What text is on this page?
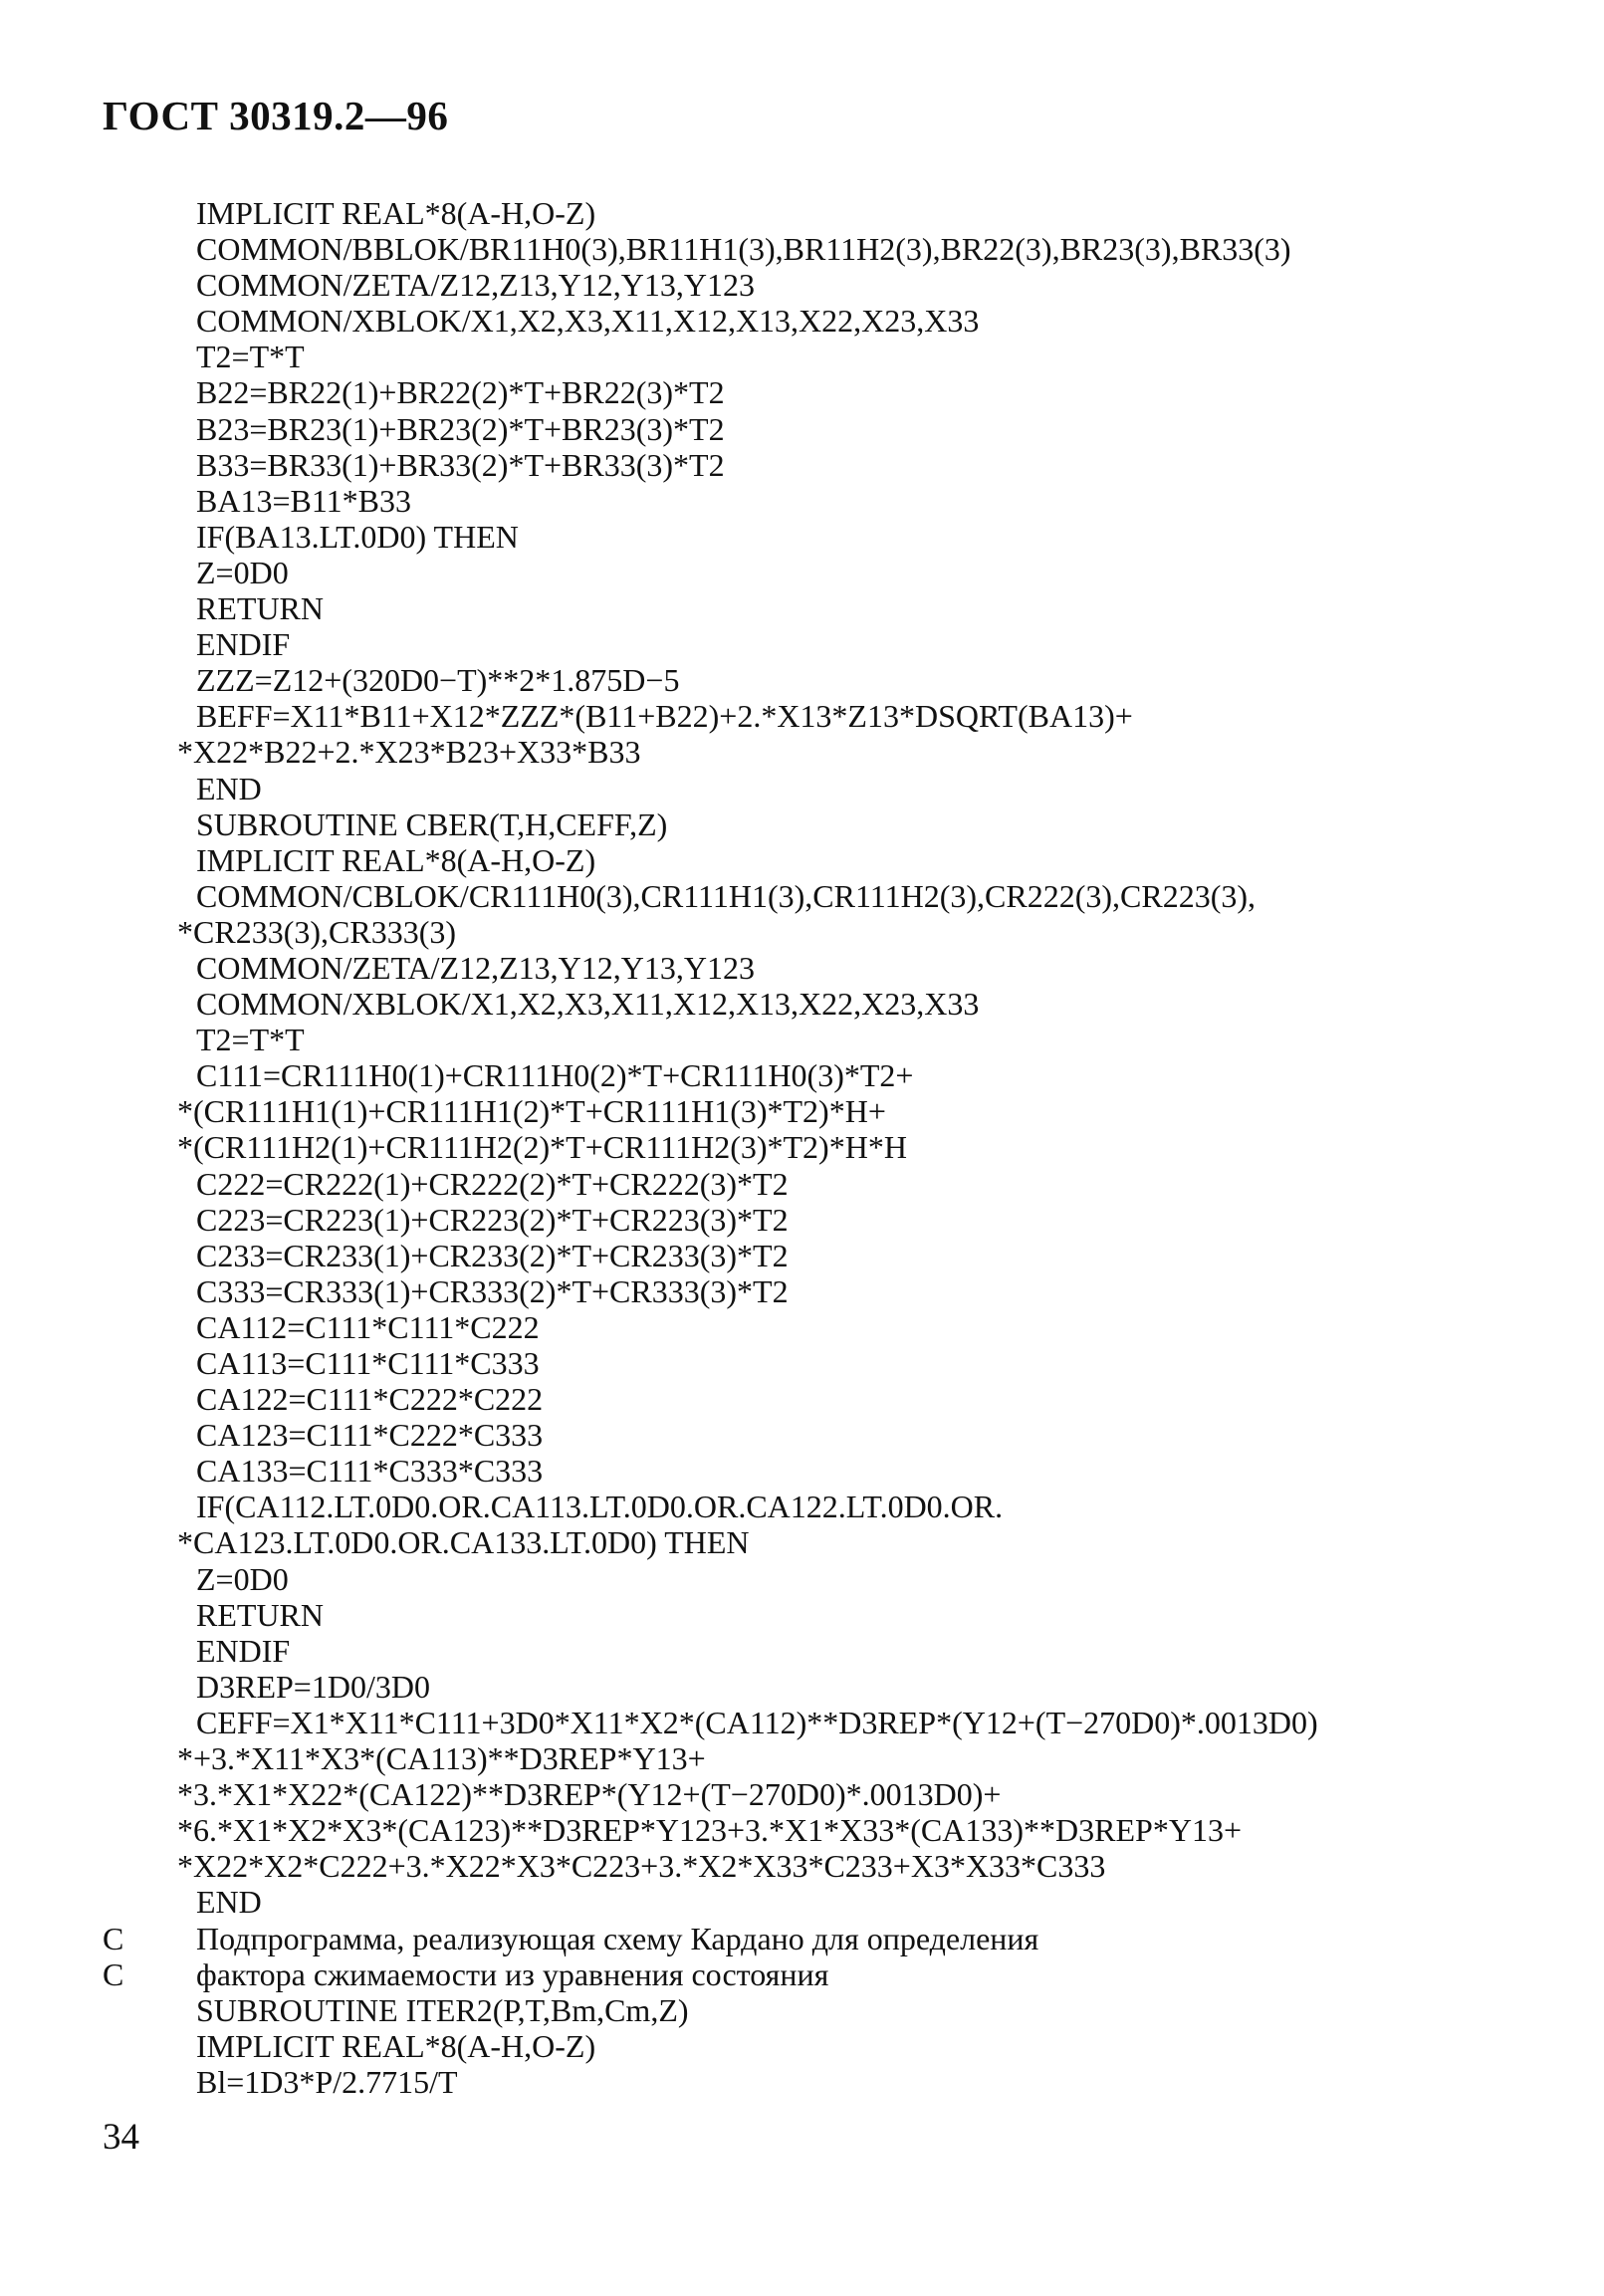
ГОСТ 30319.2—96
IMPLICIT REAL*8(A-H,O-Z)
COMMON/BBLOK/BR11H0(3),BR11H1(3),BR11H2(3),BR22(3),BR23(3),BR33(3)
COMMON/ZETA/Z12,Z13,Y12,Y13,Y123
COMMON/XBLOK/X1,X2,X3,X11,X12,X13,X22,X23,X33
T2=T*T
B22=BR22(1)+BR22(2)*T+BR22(3)*T2
B23=BR23(1)+BR23(2)*T+BR23(3)*T2
B33=BR33(1)+BR33(2)*T+BR33(3)*T2
BA13=B11*B33
IF(BA13.LT.0D0) THEN
Z=0D0
RETURN
ENDIF
ZZZ=Z12+(320D0−T)**2*1.875D−5
BEFF=X11*B11+X12*ZZZ*(B11+B22)+2.*X13*Z13*DSQRT(BA13)+
*X22*B22+2.*X23*B23+X33*B33
END
SUBROUTINE CBER(T,H,CEFF,Z)
IMPLICIT REAL*8(A-H,O-Z)
COMMON/CBLOK/CR111H0(3),CR111H1(3),CR111H2(3),CR222(3),CR223(3),
*CR233(3),CR333(3)
COMMON/ZETA/Z12,Z13,Y12,Y13,Y123
COMMON/XBLOK/X1,X2,X3,X11,X12,X13,X22,X23,X33
T2=T*T
C111=CR111H0(1)+CR111H0(2)*T+CR111H0(3)*T2+
*(CR111H1(1)+CR111H1(2)*T+CR111H1(3)*T2)*H+
*(CR111H2(1)+CR111H2(2)*T+CR111H2(3)*T2)*H*H
C222=CR222(1)+CR222(2)*T+CR222(3)*T2
C223=CR223(1)+CR223(2)*T+CR223(3)*T2
C233=CR233(1)+CR233(2)*T+CR233(3)*T2
C333=CR333(1)+CR333(2)*T+CR333(3)*T2
CA112=C111*C111*C222
CA113=C111*C111*C333
CA122=C111*C222*C222
CA123=C111*C222*C333
CA133=C111*C333*C333
IF(CA112.LT.0D0.OR.CA113.LT.0D0.OR.CA122.LT.0D0.OR.
*CA123.LT.0D0.OR.CA133.LT.0D0) THEN
Z=0D0
RETURN
ENDIF
D3REP=1D0/3D0
CEFF=X1*X11*C111+3D0*X11*X2*(CA112)**D3REP*(Y12+(T−270D0)*.0013D0)
*+3.*X11*X3*(CA113)**D3REP*Y13+
*3.*X1*X22*(CA122)**D3REP*(Y12+(T−270D0)*.0013D0)+
*6.*X1*X2*X3*(CA123)**D3REP*Y123+3.*X1*X33*(CA133)**D3REP*Y13+
*X22*X2*C222+3.*X22*X3*C223+3.*X2*X33*C233+X3*X33*C333
END
C Подпрограмма, реализующая схему Кардано для определения
C фактора сжимаемости из уравнения состояния
SUBROUTINE ITER2(P,T,Bm,Cm,Z)
IMPLICIT REAL*8(A-H,O-Z)
Bl=1D3*P/2.7715/T
34
